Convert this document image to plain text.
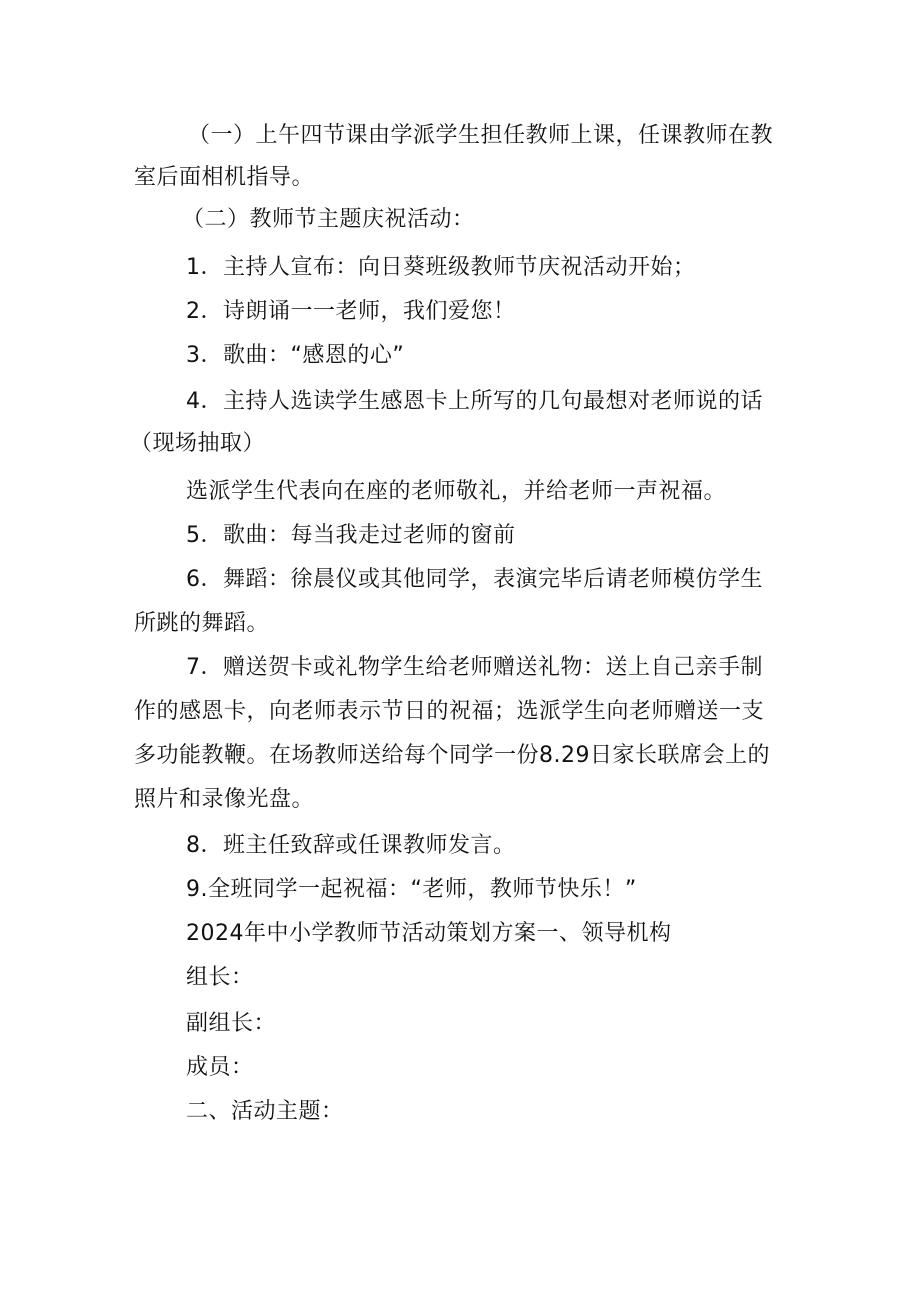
（一）上午四节课由学派学生担任教师上课，任课教师在教
室后面相机指导。
（二）教师节主题庆祝活动：
1．主持人宣布：向日葵班级教师节庆祝活动开始；
2．诗朗诵一一老师，我们爱您！
3．歌曲：“感恩的心”
4．主持人选读学生感恩卡上所写的几句最想对老师说的话
（现场抽取）
选派学生代表向在座的老师敬礼，并给老师一声祝福。
5．歌曲：每当我走过老师的窗前
6．舞蹈：徐晨仪或其他同学，表演完毕后请老师模仿学生
所跳的舞蹈。
7．赠送贺卡或礼物学生给老师赠送礼物：送上自己亲手制
作的感恩卡，向老师表示节日的祝福；选派学生向老师赠送一支
多功能教鞭。在场教师送给每个同学一份8.29日家长联席会上的
照片和录像光盘。
8．班主任致辞或任课教师发言。
9.全班同学一起祝福：“老师，教师节快乐！”
2024年中小学教师节活动策划方案一、领导机构
组长：
副组长：
成员：
二、活动主题：
